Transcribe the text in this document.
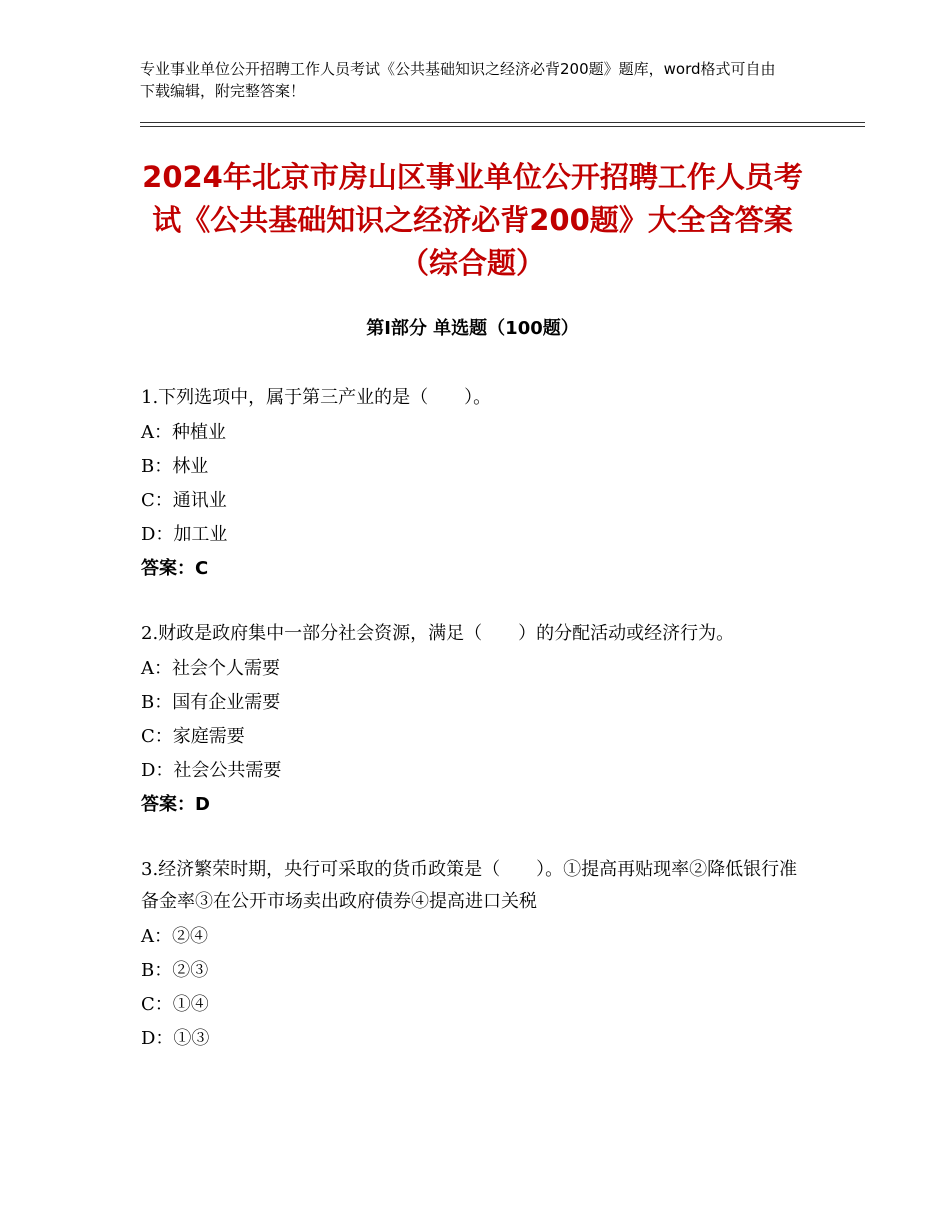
专业事业单位公开招聘工作人员考试《公共基础知识之经济必背200题》题库，word格式可自由下载编辑，附完整答案！
2024年北京市房山区事业单位公开招聘工作人员考试《公共基础知识之经济必背200题》大全含答案（综合题）
第Ⅰ部分 单选题（100题）
1.下列选项中，属于第三产业的是（　　）。
A：种植业
B：林业
C：通讯业
D：加工业
答案：C
2.财政是政府集中一部分社会资源，满足（　　）的分配活动或经济行为。
A：社会个人需要
B：国有企业需要
C：家庭需要
D：社会公共需要
答案：D
3.经济繁荣时期，央行可采取的货币政策是（　　）。①提高再贴现率②降低银行准备金率③在公开市场卖出政府债券④提高进口关税
A：②④
B：②③
C：①④
D：①③
